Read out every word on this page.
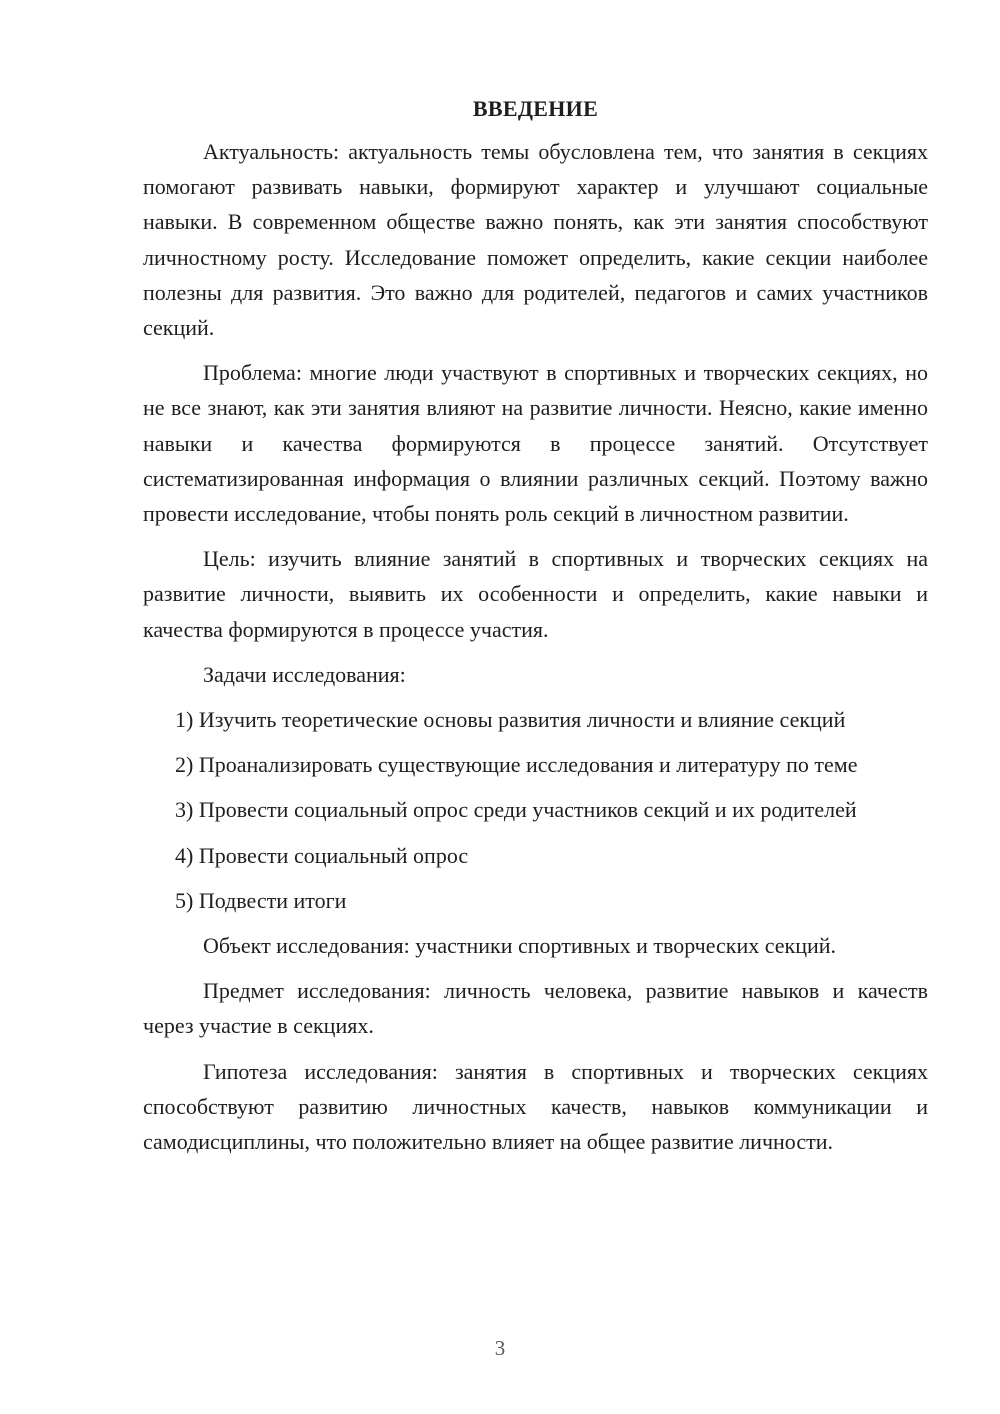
ВВЕДЕНИЕ

Актуальность: актуальность темы обусловлена тем, что занятия в секциях помогают развивать навыки, формируют характер и улучшают социальные навыки. В современном обществе важно понять, как эти занятия способствуют личностному росту. Исследование поможет определить, какие секции наиболее полезны для развития. Это важно для родителей, педагогов и самих участников секций.

Проблема: многие люди участвуют в спортивных и творческих секциях, но не все знают, как эти занятия влияют на развитие личности. Неясно, какие именно навыки и качества формируются в процессе занятий. Отсутствует систематизированная информация о влиянии различных секций. Поэтому важно провести исследование, чтобы понять роль секций в личностном развитии.

Цель: изучить влияние занятий в спортивных и творческих секциях на развитие личности, выявить их особенности и определить, какие навыки и качества формируются в процессе участия.

Задачи исследования:

1) Изучить теоретические основы развития личности и влияние секций

2) Проанализировать существующие исследования и литературу по теме

3) Провести социальный опрос среди участников секций и их родителей

4) Провести социальный опрос

5) Подвести итоги

Объект исследования: участники спортивных и творческих секций.

Предмет исследования: личность человека, развитие навыков и качеств через участие в секциях.

Гипотеза исследования: занятия в спортивных и творческих секциях способствуют развитию личностных качеств, навыков коммуникации и самодисциплины, что положительно влияет на общее развитие личности.

3
